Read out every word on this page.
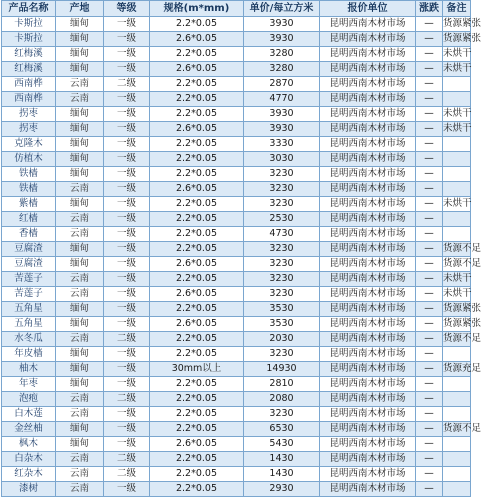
产品名称	产地	等级	规格(m*mm)	单价/每立方米	报价单位	涨跌	备注
卡斯拉	缅甸	一级	2.2*0.05	3930	昆明西南木材市场	—	货源紧张
卡斯拉	缅甸	一级	2.6*0.05	3930	昆明西南木材市场	—	货源紧张
红梅溪	缅甸	一级	2.2*0.05	3280	昆明西南木材市场	—	未烘干
红梅溪	缅甸	一级	2.6*0.05	3280	昆明西南木材市场	—	未烘干
西南桦	云南	二级	2.2*0.05	2870	昆明西南木材市场	—	
西南桦	云南	一级	2.2*0.05	4770	昆明西南木材市场	—	
拐枣	缅甸	一级	2.2*0.05	3930	昆明西南木材市场	—	未烘干
拐枣	缅甸	一级	2.6*0.05	3930	昆明西南木材市场	—	未烘干
克隆木	缅甸	一级	2.2*0.05	3330	昆明西南木材市场	—	
仿植木	缅甸	一级	2.2*0.05	3030	昆明西南木材市场	—	
铁樯	缅甸	一级	2.2*0.05	3230	昆明西南木材市场	—	
铁樯	云南	一级	2.6*0.05	3230	昆明西南木材市场	—	
紫樯	缅甸	一级	2.2*0.05	3230	昆明西南木材市场	—	未烘干
红樯	云南	一级	2.2*0.05	2530	昆明西南木材市场	—	
香樯	云南	一级	2.2*0.05	4730	昆明西南木材市场	—	
豆腐渣	缅甸	一级	2.2*0.05	3230	昆明西南木材市场	—	货源不足
豆腐渣	缅甸	一级	2.6*0.05	3230	昆明西南木材市场	—	货源不足
苦莲子	云南	一级	2.2*0.05	3230	昆明西南木材市场	—	未烘干
苦莲子	云南	一级	2.6*0.05	3230	昆明西南木材市场	—	未烘干
五角星	缅甸	一级	2.2*0.05	3530	昆明西南木材市场	—	货源紧张
五角星	缅甸	一级	2.6*0.05	3530	昆明西南木材市场	—	货源紧张
水冬瓜	云南	二级	2.2*0.05	2030	昆明西南木材市场	—	货源不足
年皮樯	缅甸	一级	2.2*0.05	3230	昆明西南木材市场	—	
柚木	缅甸	一级	30mm以上	14930	昆明西南木材市场	—	货源充足
年枣	缅甸	一级	2.2*0.05	2810	昆明西南木材市场	—	
泡疱	云南	二级	2.2*0.05	2080	昆明西南木材市场	—	
白木莲	云南	一级	2.2*0.05	3230	昆明西南木材市场	—	
金丝柚	缅甸	一级	2.2*0.05	6530	昆明西南木材市场	—	货源不足
枫木	缅甸	一级	2.6*0.05	5430	昆明西南木材市场	—	
白杂木	云南	二级	2.2*0.05	1430	昆明西南木材市场	—	
红杂木	云南	二级	2.2*0.05	1430	昆明西南木材市场	—	
漆树	云南	一级	2.2*0.05	2930	昆明西南木材市场	—	
